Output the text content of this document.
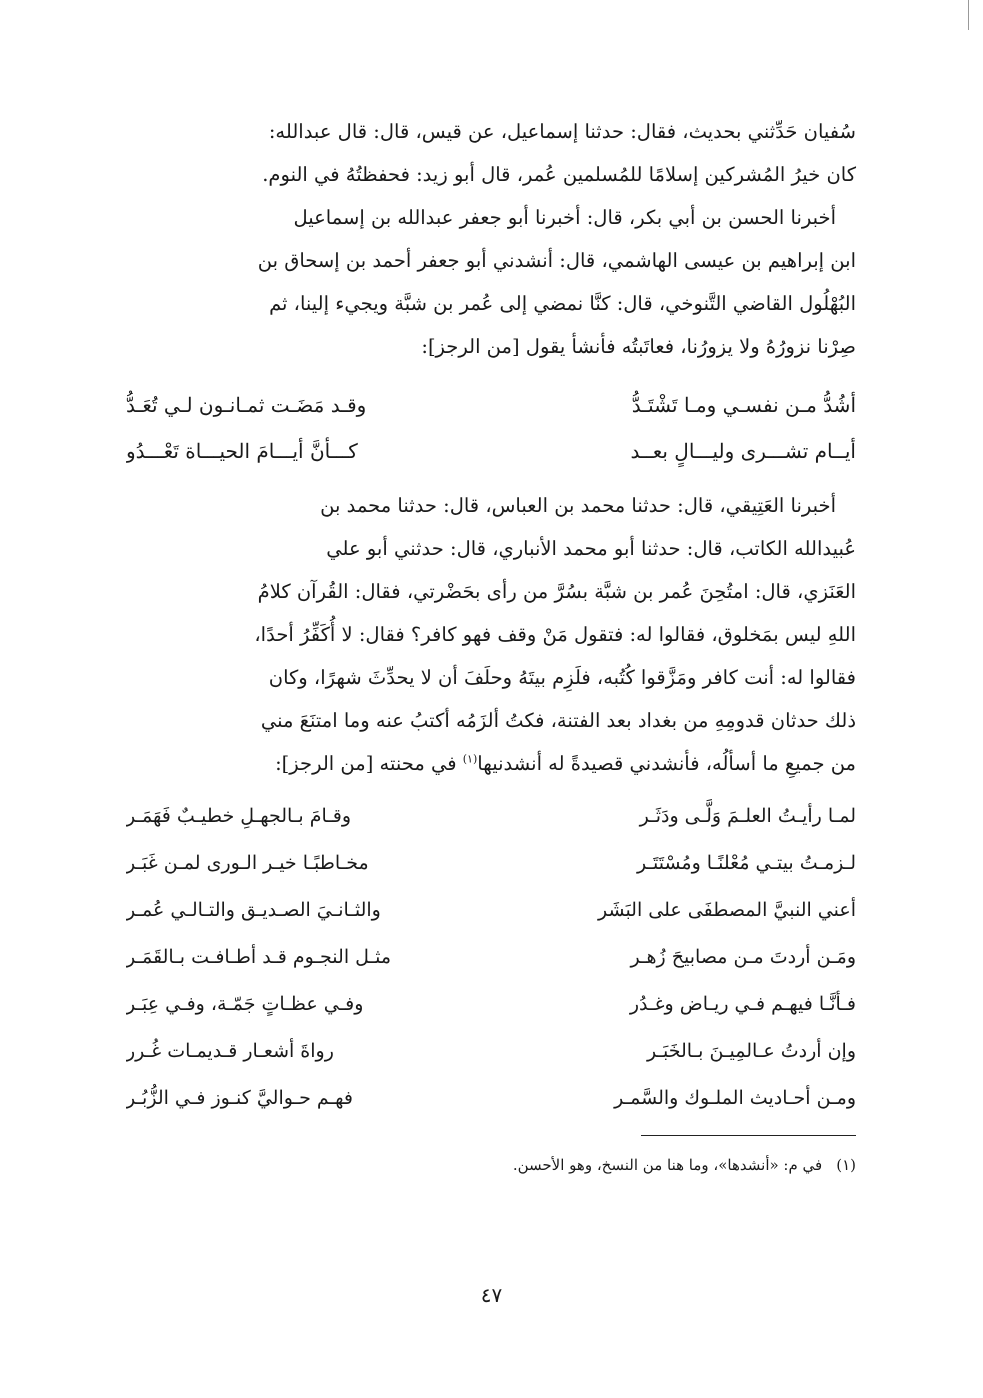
سُفيان حَدِّثني بحديث، فقال: حدثنا إسماعيل، عن قيس، قال: قال عبدالله:
كان خيرُ المُشركين إسلامًا للمُسلمين عُمر، قال أبو زيد: فحفظتُهُ في النوم.

أخبرنا الحسن بن أبي بكر، قال: أخبرنا أبو جعفر عبدالله بن إسماعيل
ابن إبراهيم بن عيسى الهاشمي، قال: أنشدني أبو جعفر أحمد بن إسحاق بن
البُهْلُول القاضي التَّنوخي، قال: كنَّا نمضي إلى عُمر بن شبَّة ويجيء إلينا، ثم
صِرْنا نزورُهُ ولا يزورُنا، فعاتَبتُه فأنشأ يقول [من الرجز]:

أشُدُّ مـن نفسـي ومـا تَشْتَـدُّ
وقـد مَضَـت ثمـانـون لـي تُعَـدُّ
أيــام تشـــرى وليـــالٍ بعــد
كـــأنَّ أيـــامَ الحيـــاة تَعْـــدُو

أخبرنا العَتِيقي، قال: حدثنا محمد بن العباس، قال: حدثنا محمد بن
عُبيدالله الكاتب، قال: حدثنا أبو محمد الأنباري، قال: حدثني أبو علي
العَنَزي، قال: امتُحِنَ عُمر بن شبَّة بسُرَّ من رأى بحَضْرتي، فقال: القُرآن كلامُ
اللهِ ليس بمَخلوق، فقالوا له: فتقول مَنْ وقف فهو كافر؟ فقال: لا أُكَفِّرُ أحدًا،
فقالوا له: أنت كافر ومَزَّقوا كُتُبه، فلَزِم بيتَهُ وحلَفَ أن لا يحدِّثَ شهرًا، وكان
ذلك حدثان قدومِهِ من بغداد بعد الفتنة، فكتُ ألزَمُه أكتبُ عنه وما امتنَعَ مني
من جميعِ ما أسألُه، فأنشدني قصيدةً له أنشدنيها$^{(١)}$ في محنته [من الرجز]:

لمـا رأيـتُ العلـمَ وَلَّـى ودَثَـر
وقـامَ بـالجهـلِ خطيـبٌ فَهَمَـر
لـزمـتُ بيتـي مُعْلنًـا ومُسْتَتَـر
مخـاطبًـا خيـر الـورى لمـن غَبَـر
أعني النبيَّ المصطفَى على البَشَر
والثـانـيَ الصـديـق والتـالـي عُمـر
ومَـن أردتَ مـن مصابيحَ زُهـر
مثـل النجـوم قـد أطـافـت بـالقَمَـر
فـأنَّـا فيهـم فـي ريـاض وغـدُر
وفـي عظـاتٍ جَمّـة، وفـي عِبَـر
وإن أردتُ عـالمِيـنَ بـالخَبَـر
رواةَ أشعـار قـديمـات غُـرر
ومـن أحـاديث الملـوك والسَّمـر
فهـم حـواليَّ كنـوز فـي الزُّبُـر
(١)في م: «أنشدها»، وما هنا من النسخ، وهو الأحسن.
٤٧
